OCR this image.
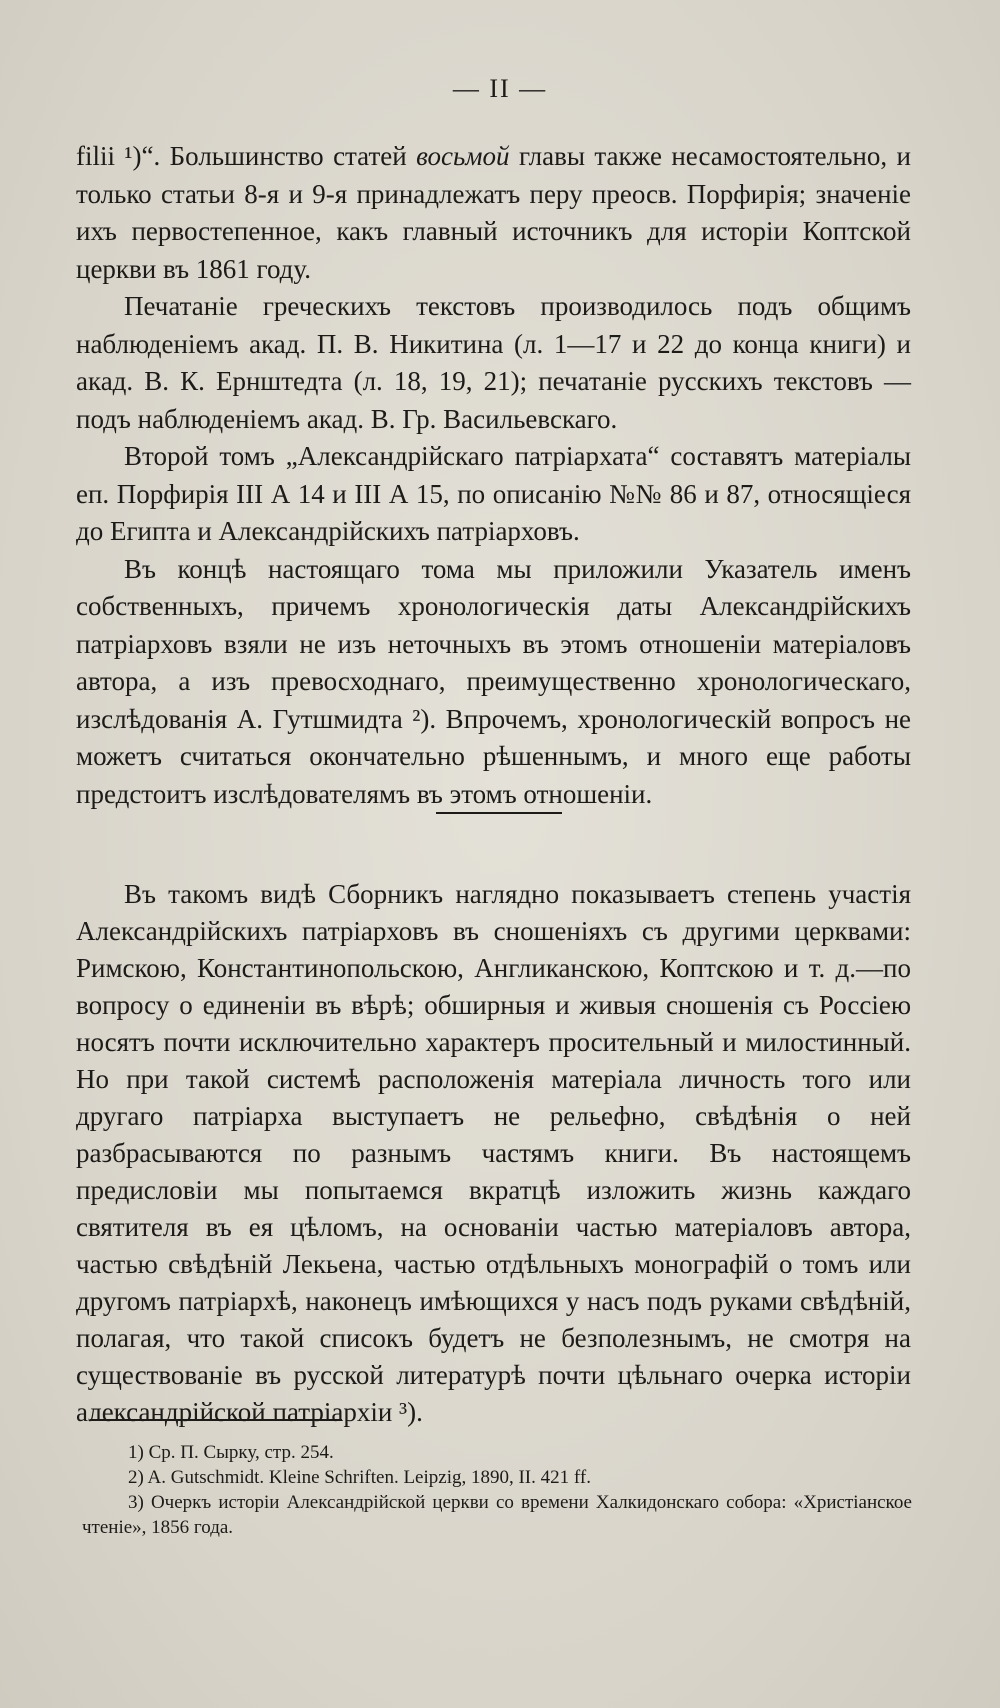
— II —

filii ¹)“. Большинство статей восьмой главы также несамостоятельно, и только статьи 8-я и 9-я принадлежатъ перу преосв. Порфирія; значеніе ихъ первостепенное, какъ главный источникъ для исторіи Коптской церкви въ 1861 году.

Печатаніе греческихъ текстовъ производилось подъ общимъ наблюденіемъ акад. П. В. Никитина (л. 1—17 и 22 до конца книги) и акад. В. К. Ернштедта (л. 18, 19, 21); печатаніе русскихъ текстовъ — подъ наблюденіемъ акад. В. Гр. Васильевскаго.

Второй томъ „Александрійскаго патріархата“ составятъ матеріалы еп. Порфирія III А 14 и III А 15, по описанію №№ 86 и 87, относящіеся до Египта и Александрійскихъ патріарховъ.

Въ концѣ настоящаго тома мы приложили Указатель именъ собственныхъ, причемъ хронологическія даты Александрійскихъ патріарховъ взяли не изъ неточныхъ въ этомъ отношеніи матеріаловъ автора, а изъ превосходнаго, преимущественно хронологическаго, изслѣдованія А. Гутшмидта ²). Впрочемъ, хронологическій вопросъ не можетъ считаться окончательно рѣшеннымъ, и много еще работы предстоитъ изслѣдователямъ въ этомъ отношеніи.

Въ такомъ видѣ Сборникъ наглядно показываетъ степень участія Александрійскихъ патріарховъ въ сношеніяхъ съ другими церквами: Римскою, Константинопольскою, Англиканскою, Коптскою и т. д.—по вопросу о единеніи въ вѣрѣ; обширныя и живыя сношенія съ Россіею носятъ почти исключительно характеръ просительный и милостинный. Но при такой системѣ расположенія матеріала личность того или другаго патріарха выступаетъ не рельефно, свѣдѣнія о ней разбрасываются по разнымъ частямъ книги. Въ настоящемъ предисловіи мы попытаемся вкратцѣ изложить жизнь каждаго святителя въ ея цѣломъ, на основаніи частью матеріаловъ автора, частью свѣдѣній Лекьена, частью отдѣльныхъ монографій о томъ или другомъ патріархѣ, наконецъ имѣющихся у насъ подъ руками свѣдѣній, полагая, что такой списокъ будетъ не безполезнымъ, не смотря на существованіе въ русской литературѣ почти цѣльнаго очерка исторіи александрійской патріархіи ³).

1) Ср. П. Сырку, стр. 254.

2) A. Gutschmidt. Kleine Schriften. Leipzig, 1890, II. 421 ff.

3) Очеркъ исторіи Александрійской церкви со времени Халкидонскаго собора: «Христіанское чтеніе», 1856 года.
